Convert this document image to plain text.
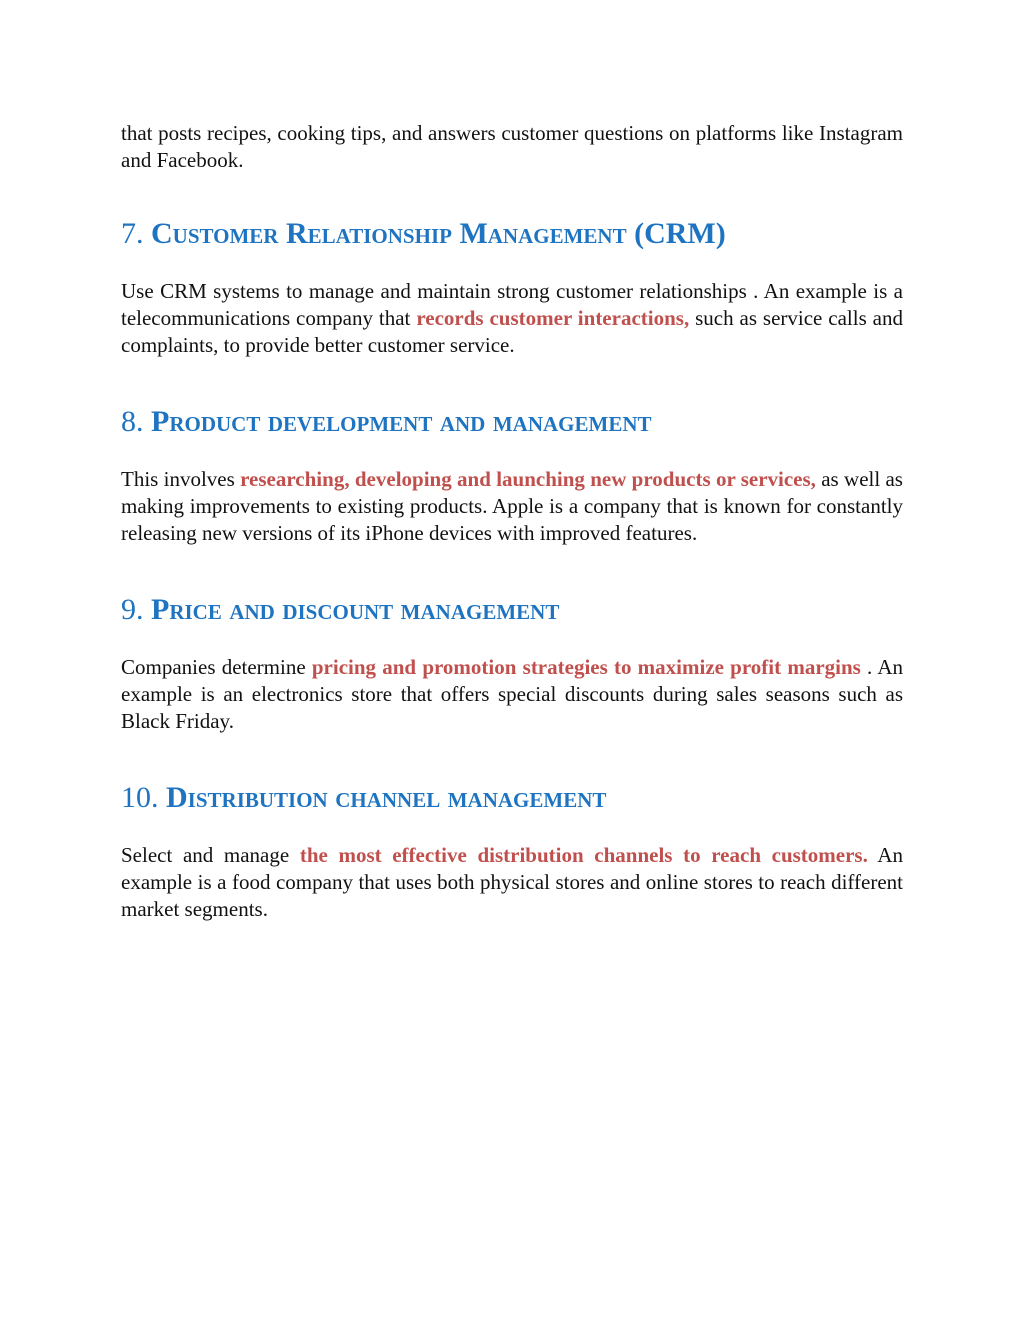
that posts recipes, cooking tips, and answers customer questions on platforms like Instagram and Facebook.

7. Customer Relationship Management (CRM)

Use CRM systems to manage and maintain strong customer relationships . An example is a telecommunications company that records customer interactions, such as service calls and complaints, to provide better customer service.

8. Product development and management

This involves researching, developing and launching new products or services, as well as making improvements to existing products. Apple is a company that is known for constantly releasing new versions of its iPhone devices with improved features.

9. Price and discount management

Companies determine pricing and promotion strategies to maximize profit margins . An example is an electronics store that offers special discounts during sales seasons such as Black Friday.

10. Distribution channel management

Select and manage the most effective distribution channels to reach customers. An example is a food company that uses both physical stores and online stores to reach different market segments.
